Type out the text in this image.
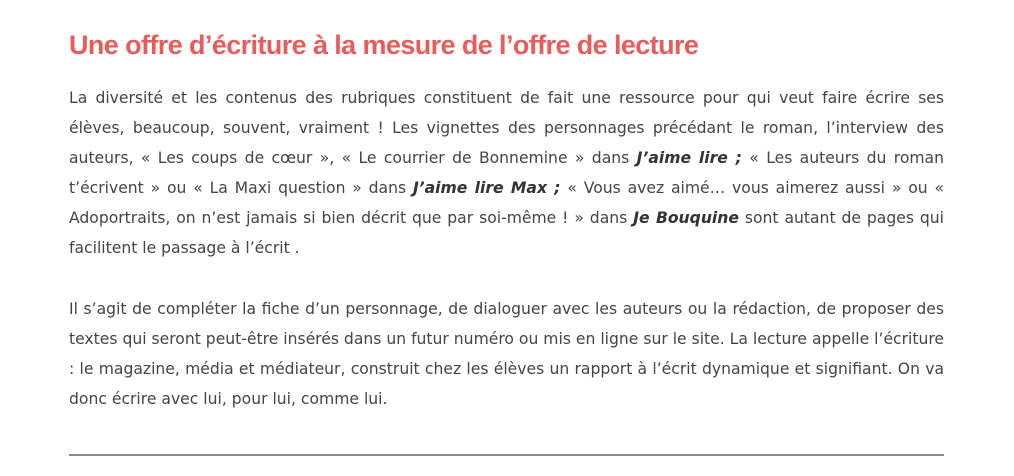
Une offre d’écriture à la mesure de l’offre de lecture

La diversité et les contenus des rubriques constituent de fait une ressource pour qui veut faire écrire ses élèves, beaucoup, souvent, vraiment ! Les vignettes des personnages précédant le roman, l’interview des auteurs, « Les coups de cœur », « Le courrier de Bonnemine » dans J’aime lire ; « Les auteurs du roman t’écrivent » ou « La Maxi question » dans J’aime lire Max ; « Vous avez aimé… vous aimerez aussi » ou « Adoportraits, on n’est jamais si bien décrit que par soi-même ! » dans Je Bouquine sont autant de pages qui facilitent le passage à l’écrit .

Il s’agit de compléter la fiche d’un personnage, de dialoguer avec les auteurs ou la rédaction, de proposer des textes qui seront peut-être insérés dans un futur numéro ou mis en ligne sur le site. La lecture appelle l’écriture : le magazine, média et médiateur, construit chez les élèves un rapport à l’écrit dynamique et signifiant. On va donc écrire avec lui, pour lui, comme lui.
